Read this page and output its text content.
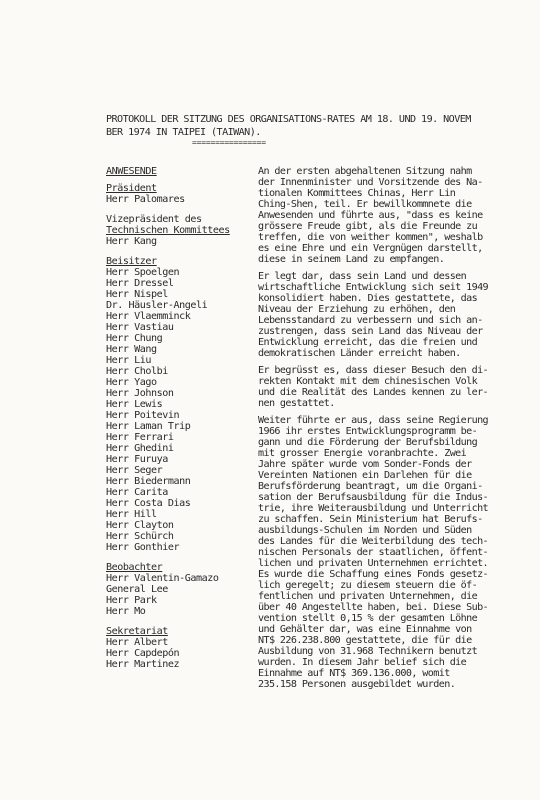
PROTOKOLL DER SITZUNG DES ORGANISATIONS-RATES AM 18. UND 19. NOVEM
BER 1974 IN TAIPEI (TAIWAN).
================
ANWESENDE
Präsident
Herr Palomares
Vizepräsident des
Technischen Kommittees
Herr Kang
Beisitzer
Herr Spoelgen
Herr Dressel
Herr Nispel
Dr. Häusler-Angeli
Herr Vlaemminck
Herr Vastiau
Herr Chung
Herr Wang
Herr Liu
Herr Cholbi
Herr Yago
Herr Johnson
Herr Lewis
Herr Poitevin
Herr Laman Trip
Herr Ferrari
Herr Ghedini
Herr Furuya
Herr Seger
Herr Biedermann
Herr Carita
Herr Costa Dias
Herr Hill
Herr Clayton
Herr Schürch
Herr Gonthier
Beobachter
Herr Valentin-Gamazo
General Lee
Herr Park
Herr Mo
Sekretariat
Herr Albert
Herr Capdepón
Herr Martinez
An der ersten abgehaltenen Sitzung nahm
der Innenminister und Vorsitzende des Na-
tionalen Kommittees Chinas, Herr Lin
Ching-Shen, teil. Er bewillkommnete die
Anwesenden und führte aus, "dass es keine
grössere Freude gibt, als die Freunde zu
treffen, die von weither kommen", weshalb
es eine Ehre und ein Vergnügen darstellt,
diese in seinem Land zu empfangen.
Er legt dar, dass sein Land und dessen
wirtschaftliche Entwicklung sich seit 1949
konsolidiert haben. Dies gestattete, das
Niveau der Erziehung zu erhöhen, den
Lebensstandard zu verbessern und sich an-
zustrengen, dass sein Land das Niveau der
Entwicklung erreicht, das die freien und
demokratischen Länder erreicht haben.
Er begrüsst es, dass dieser Besuch den di-
rekten Kontakt mit dem chinesischen Volk
und die Realität des Landes kennen zu ler-
nen gestattet.
Weiter führte er aus, dass seine Regierung
1966 ihr erstes Entwicklungsprogramm be-
gann und die Förderung der Berufsbildung
mit grosser Energie voranbrachte. Zwei
Jahre später wurde vom Sonder-Fonds der
Vereinten Nationen ein Darlehen für die
Berufsförderung beantragt, um die Organi-
sation der Berufsausbildung für die Indus-
trie, ihre Weiterausbildung und Unterricht
zu schaffen. Sein Ministerium hat Berufs-
ausbildungs-Schulen im Norden und Süden
des Landes für die Weiterbildung des tech-
nischen Personals der staatlichen, öffent-
lichen und privaten Unternehmen errichtet.
Es wurde die Schaffung eines Fonds gesetz-
lich geregelt; zu diesem steuern die öf-
fentlichen und privaten Unternehmen, die
über 40 Angestellte haben, bei. Diese Sub-
vention stellt 0,15 % der gesamten Löhne
und Gehälter dar, was eine Einnahme von
NT$ 226.238.800 gestattete, die für die
Ausbildung von 31.968 Technikern benutzt
wurden. In diesem Jahr belief sich die
Einnahme auf NT$ 369.136.000, womit
235.158 Personen ausgebildet wurden.
